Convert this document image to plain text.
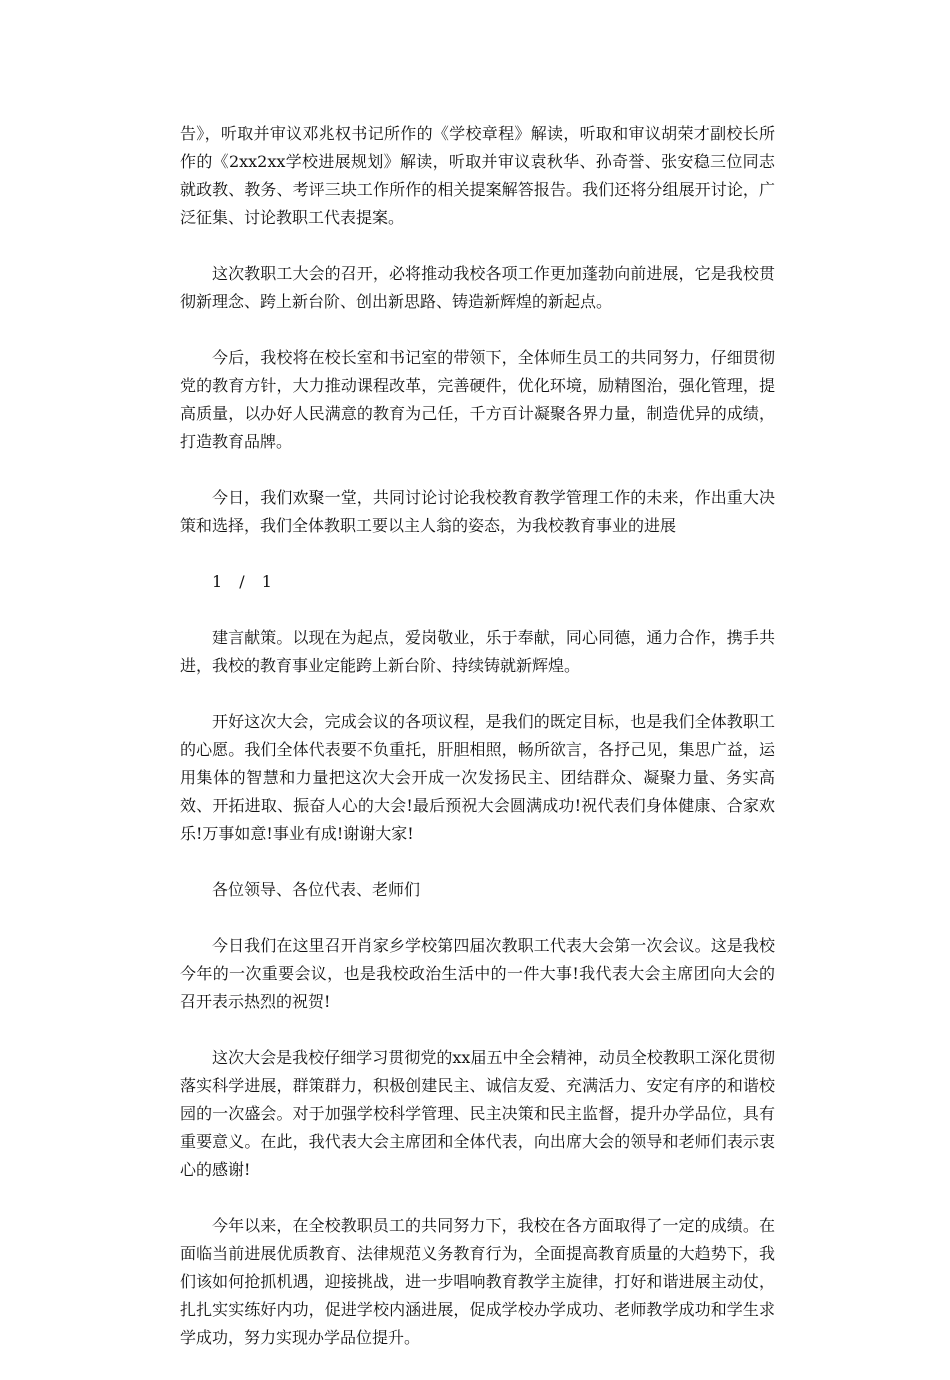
告》，听取并审议邓兆权书记所作的《学校章程》解读，听取和审议胡荣才副校长所作的《2xx2xx学校进展规划》解读，听取并审议袁秋华、孙奇誉、张安稳三位同志就政教、教务、考评三块工作所作的相关提案解答报告。我们还将分组展开讨论，广泛征集、讨论教职工代表提案。

这次教职工大会的召开，必将推动我校各项工作更加蓬勃向前进展，它是我校贯彻新理念、跨上新台阶、创出新思路、铸造新辉煌的新起点。

今后，我校将在校长室和书记室的带领下，全体师生员工的共同努力，仔细贯彻党的教育方针，大力推动课程改革，完善硬件，优化环境，励精图治，强化管理，提高质量，以办好人民满意的教育为己任，千方百计凝聚各界力量，制造优异的成绩，打造教育品牌。

今日，我们欢聚一堂，共同讨论讨论我校教育教学管理工作的未来，作出重大决策和选择，我们全体教职工要以主人翁的姿态，为我校教育事业的进展

1 / 1

建言献策。以现在为起点，爱岗敬业，乐于奉献，同心同德，通力合作，携手共进，我校的教育事业定能跨上新台阶、持续铸就新辉煌。

开好这次大会，完成会议的各项议程，是我们的既定目标，也是我们全体教职工的心愿。我们全体代表要不负重托，肝胆相照，畅所欲言，各抒己见，集思广益，运用集体的智慧和力量把这次大会开成一次发扬民主、团结群众、凝聚力量、务实高效、开拓进取、振奋人心的大会!最后预祝大会圆满成功!祝代表们身体健康、合家欢乐!万事如意!事业有成!谢谢大家!

各位领导、各位代表、老师们

今日我们在这里召开肖家乡学校第四届次教职工代表大会第一次会议。这是我校今年的一次重要会议，也是我校政治生活中的一件大事!我代表大会主席团向大会的召开表示热烈的祝贺!

这次大会是我校仔细学习贯彻党的xx届五中全会精神，动员全校教职工深化贯彻落实科学进展，群策群力，积极创建民主、诚信友爱、充满活力、安定有序的和谐校园的一次盛会。对于加强学校科学管理、民主决策和民主监督，提升办学品位，具有重要意义。在此，我代表大会主席团和全体代表，向出席大会的领导和老师们表示衷心的感谢!

今年以来，在全校教职员工的共同努力下，我校在各方面取得了一定的成绩。在面临当前进展优质教育、法律规范义务教育行为，全面提高教育质量的大趋势下，我们该如何抢抓机遇，迎接挑战，进一步唱响教育教学主旋律，打好和谐进展主动仗，扎扎实实练好内功，促进学校内涵进展，促成学校办学成功、老师教学成功和学生求学成功，努力实现办学品位提升。
